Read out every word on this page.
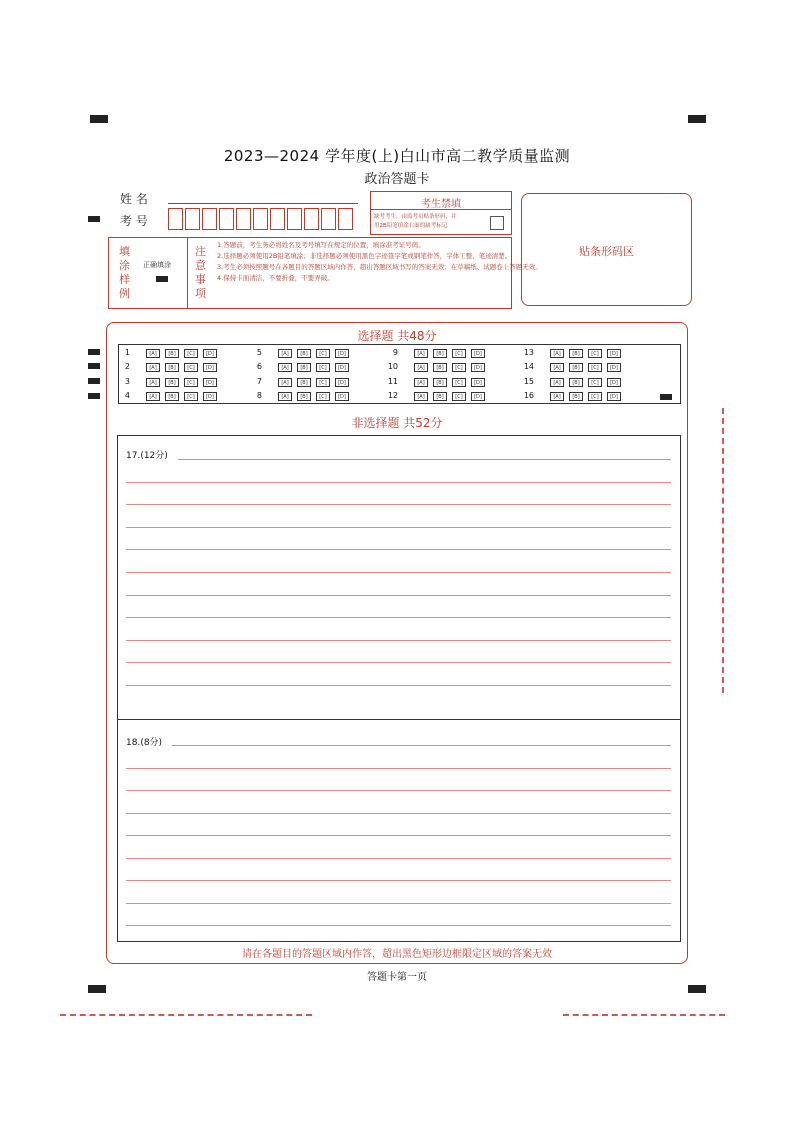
2023—2024 学年度(上)白山市高二教学质量监测
政治答题卡
姓 名
考 号
考生禁填
缺考考生，由监考员贴条形码，并
用2B铅笔填涂右面的缺考标记
贴条形码区
填涂样例
正确填涂
注意事项
1.答题前，考生务必将姓名及考号填写在规定的位置，填涂准考证号码。
2.选择题必须使用2B铅笔填涂；非选择题必须使用黑色字迹签字笔或钢笔作答，字体工整、笔迹清楚。
3.考生必须按照题号在各题目的答题区域内作答，超出答题区域书写的答案无效；在草稿纸、试题卷上答题无效。
4.保持卡面清洁，不要折叠，不要弄破。
选择题 共48分
1	[A]	[B]	[C]	[D]
2	[A]	[B]	[C]	[D]
3	[A]	[B]	[C]	[D]
4	[A]	[B]	[C]	[D]
5	[A]	[B]	[C]	[D]
6	[A]	[B]	[C]	[D]
7	[A]	[B]	[C]	[D]
8	[A]	[B]	[C]	[D]
9	[A]	[B]	[C]	[D]
10	[A]	[B]	[C]	[D]
11	[A]	[B]	[C]	[D]
12	[A]	[B]	[C]	[D]
13	[A]	[B]	[C]	[D]
14	[A]	[B]	[C]	[D]
15	[A]	[B]	[C]	[D]
16	[A]	[B]	[C]	[D]
非选择题 共52分
17.(12分)
18.(8分)
请在各题目的答题区域内作答，超出黑色矩形边框限定区域的答案无效
答题卡第一页
